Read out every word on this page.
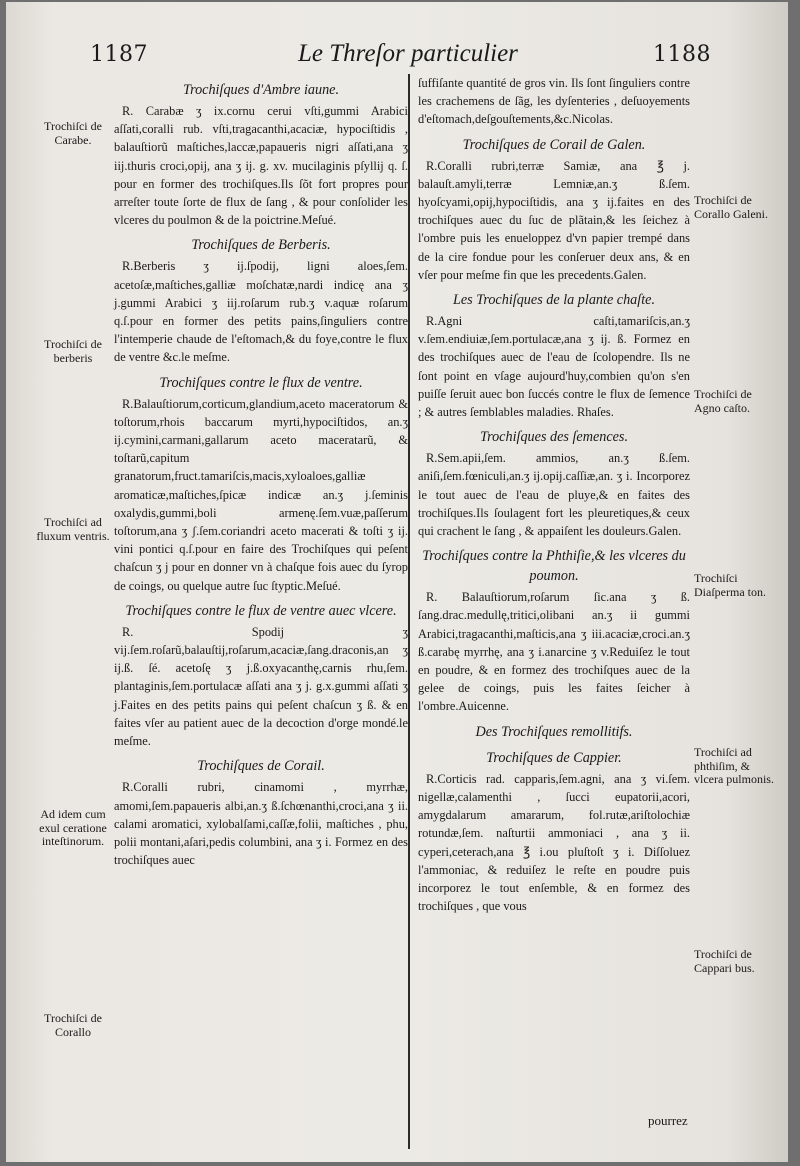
1187	Le Threſor particulier	1188
Trochiſques d'Ambre iaune.

R. Carabæ ʒ ix.cornu cerui vſti,gummi Arabici aſſati,coralli rub. vſti,tragacanthi,acaciæ, hypociſtidis , balauſtiorũ maſtiches,laccæ,papaueris nigri aſſati,ana ʒ iij.thuris croci,opij, ana ʒ ij. g. xv. mucilaginis pſyllij q. ſ. pour en former des trochiſques.Ils ſõt fort propres pour arreſter toute ſorte de flux de ſang , & pour conſolider les vlceres du poulmon & de la poictrine.Meſué.

Trochiſques de Berberis.

R.Berberis ʒ ij.ſpodij, ligni aloes,ſem. acetoſæ,maſtiches,galliæ moſchatæ,nardi indicę ana ʒ j.gummi Arabici ʒ iij.roſarum rub.ʒ v.aquæ roſarum q.ſ.pour en former des petits pains,ſinguliers contre l'intemperie chaude de l'eſtomach,& du foye,contre le flux de ventre &c.le meſme.

Trochiſques contre le flux de ventre.

R.Balauſtiorum,corticum,glandium,aceto maceratorum & toſtorum,rhois baccarum myrti,hypociſtidos, an.ʒ ij.cymini,carmani,gallarum aceto maceratarũ, & toſtarũ,capitum granatorum,fruct.tamariſcis,macis,xyloaloes,galliæ aromaticæ,maſtiches,ſpicæ indicæ an.ʒ j.ſeminis oxalydis,gummi,boli armenę.ſem.vuæ,paſſerum toſtorum,ana ʒ ʃ.ſem.coriandri aceto macerati & toſti ʒ ij. vini pontici q.ſ.pour en faire des Trochiſques qui peſent chaſcun ʒ j pour en donner vn à chaſque fois auec du ſyrop de coings, ou quelque autre ſuc ſtyptic.Meſué.

Trochiſques contre le flux de ventre auec vlcere.

R. Spodij ʒ vij.ſem.roſarũ,balauſtij,roſarum,acaciæ,ſang.draconis,an ʒ ij.ß. ſé. acetoſę ʒ j.ß.oxyacanthę,carnis rhu,ſem. plantaginis,ſem.portulacæ aſſati ana ʒ j. g.x.gummi aſſati ʒ j.Faites en des petits pains qui peſent chaſcun ʒ ß. & en faites vſer au patient auec de la decoction d'orge mondé.le meſme.

Trochiſques de Corail.

R.Coralli rubri, cinamomi , myrrhæ, amomi,ſem.papaueris albi,an.ʒ ß.ſchœnanthi,croci,ana ʒ ii. calami aromatici, xylobalſami,caſſæ,folii, maſtiches , phu, polii montani,aſari,pedis columbini, ana ʒ i. Formez en des trochiſques auec

ſuffiſante quantité de gros vin. Ils ſont ſinguliers contre les crachemens de ſãg, les dyſenteries , deſuoyements d'eſtomach,deſgouſtements,&c.Nicolas.

Trochiſques de Corail de Galen.

R.Coralli rubri,terræ Samiæ, ana ℥ j. balauſt.amyli,terræ Lemniæ,an.ʒ ß.ſem. hyoſcyami,opij,hypociſtidis, ana ʒ ij.faites en des trochiſques auec du ſuc de plãtain,& les ſeichez à l'ombre puis les enueloppez d'vn papier trempé dans de la cire fondue pour les conſeruer deux ans, & en vſer pour meſme fin que les precedents.Galen.

Les Trochiſques de la plante chaſte.

R.Agni caſti,tamariſcis,an.ʒ v.ſem.endiuiæ,ſem.portulacæ,ana ʒ ij. ß. Formez en des trochiſques auec de l'eau de ſcolopendre. Ils ne ſont point en vſage aujourd'huy,combien qu'on s'en puiſſe ſeruit auec bon ſuccés contre le flux de ſemence ; & autres ſemblables maladies. Rhaſes.

Trochiſques des ſemences.

R.Sem.apii,ſem. ammios, an.ʒ ß.ſem. aniſi,ſem.fœniculi,an.ʒ ij.opij.caſſiæ,an. ʒ i. Incorporez le tout auec de l'eau de pluye,& en faites des trochiſques.Ils ſoulagent fort les pleuretiques,& ceux qui crachent le ſang , & appaiſent les douleurs.Galen.

Trochiſques contre la Phthiſie,& les vlceres du poumon.

R. Balauſtiorum,roſarum ſic.ana ʒ ß. ſang.drac.medullę,tritici,olibani an.ʒ ii gummi Arabici,tragacanthi,maſticis,ana ʒ iii.acaciæ,croci.an.ʒ ß.carabę myrrhę, ana ʒ i.anarcine ʒ v.Reduiſez le tout en poudre, & en formez des trochiſques auec de la gelee de coings, puis les faites ſeicher à l'ombre.Auicenne.

Des Trochiſques remollitifs.
Trochiſques de Cappier.

R.Corticis rad. capparis,ſem.agni, ana ʒ vi.ſem. nigellæ,calamenthi , ſucci eupatorii,acori, amygdalarum amararum, fol.rutæ,ariſtolochiæ rotundæ,ſem. naſturtii ammoniaci , ana ʒ ii. cyperi,ceterach,ana ℥ i.ou pluſtoſt ʒ i. Diſſoluez l'ammoniac, & reduiſez le reſte en poudre puis incorporez le tout enſemble, & en formez des trochiſques , que vous

Trochiſci de Carabe.
Trochiſci de berberis
Trochiſci ad fluxum ventris.
Ad idem cum exul ceratione inteſtinorum.
Trochiſci de Corallo
Trochiſci de Corallo Galeni.
Trochiſci de Agno caſto.
Trochiſci Diaſperma ton.
Trochiſci ad phthiſim, & vlcera pulmonis.
Trochiſci de Cappari bus.
pourrez
